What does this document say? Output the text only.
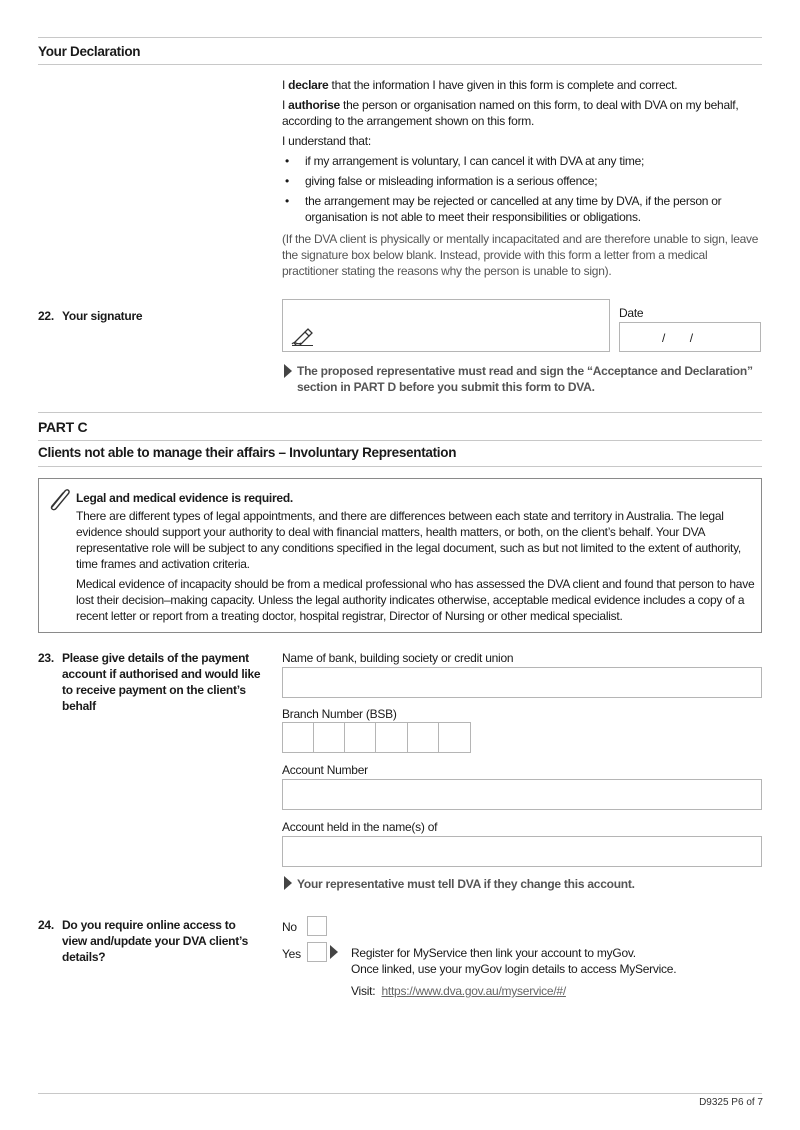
Your Declaration

I declare that the information I have given in this form is complete and correct.

I authorise the person or organisation named on this form, to deal with DVA on my behalf, according to the arrangement shown on this form.

I understand that:

• if my arrangement is voluntary, I can cancel it with DVA at any time;
• giving false or misleading information is a serious offence;
• the arrangement may be rejected or cancelled at any time by DVA, if the person or organisation is not able to meet their responsibilities or obligations.

(If the DVA client is physically or mentally incapacitated and are therefore unable to sign, leave the signature box below blank. Instead, provide with this form a letter from a medical practitioner stating the reasons why the person is unable to sign).

22. Your signature	Date
/        /
The proposed representative must read and sign the “Acceptance and Declaration” section in PART D before you submit this form to DVA.
PART C
Clients not able to manage their affairs – Involuntary Representation

Legal and medical evidence is required.

There are different types of legal appointments, and there are differences between each state and territory in Australia. The legal evidence should support your authority to deal with financial matters, health matters, or both, on the client’s behalf. Your DVA representative role will be subject to any conditions specified in the legal document, such as but not limited to the extent of authority, time frames and activation criteria.

Medical evidence of incapacity should be from a medical professional who has assessed the DVA client and found that person to have lost their decision–making capacity. Unless the legal authority indicates otherwise, acceptable medical evidence includes a copy of a recent letter or report from a treating doctor, hospital registrar, Director of Nursing or other medical specialist.

23. Please give details of the payment account if authorised and would like to receive payment on the client’s behalf
Name of bank, building society or credit union
Branch Number (BSB)
Account Number
Account held in the name(s) of
Your representative must tell DVA if they change this account.
24. Do you require online access to view and/update your DVA client’s details?
No
Yes	Register for MyService then link your account to myGov.

Once linked, use your myGov login details to access MyService.

Visit: https://www.dva.gov.au/myservice/#/

D9325 P6 of 7
